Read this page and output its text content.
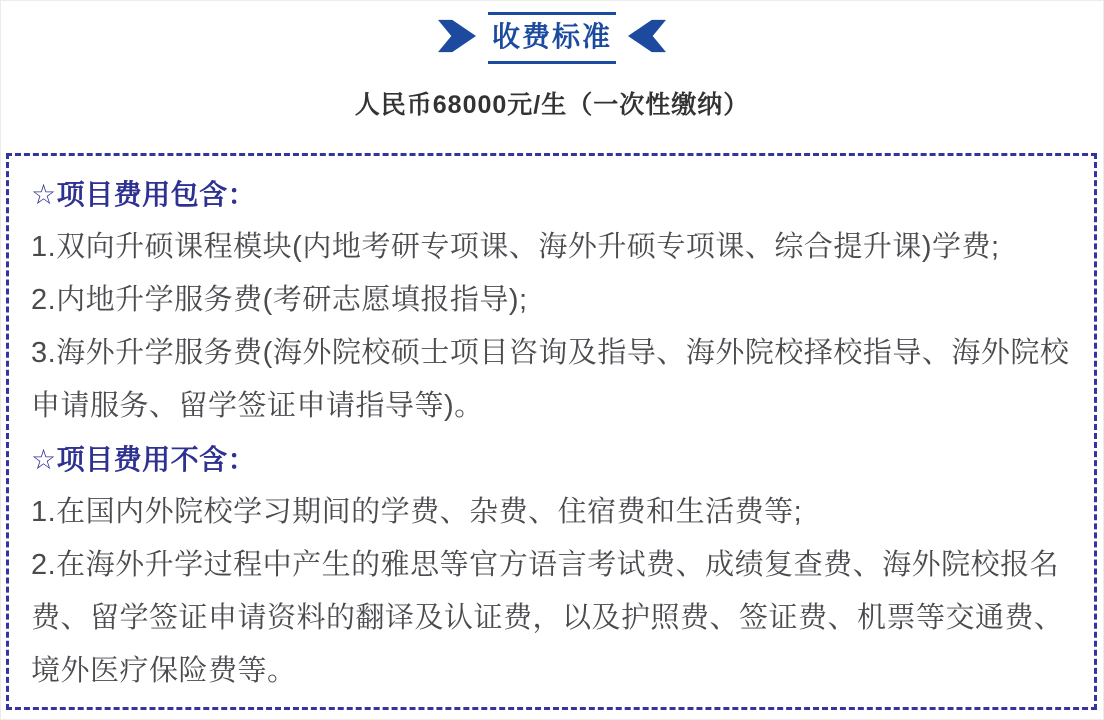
收费标准
人民币68000元/生（一次性缴纳）
☆项目费用包含：
1.双向升硕课程模块(内地考研专项课、海外升硕专项课、综合提升课)学费;
2.内地升学服务费(考研志愿填报指导);
3.海外升学服务费(海外院校硕士项目咨询及指导、海外院校择校指导、海外院校
申请服务、留学签证申请指导等)。
☆项目费用不含：
1.在国内外院校学习期间的学费、杂费、住宿费和生活费等;
2.在海外升学过程中产生的雅思等官方语言考试费、成绩复查费、海外院校报名
费、留学签证申请资料的翻译及认证费，以及护照费、签证费、机票等交通费、
境外医疗保险费等。
